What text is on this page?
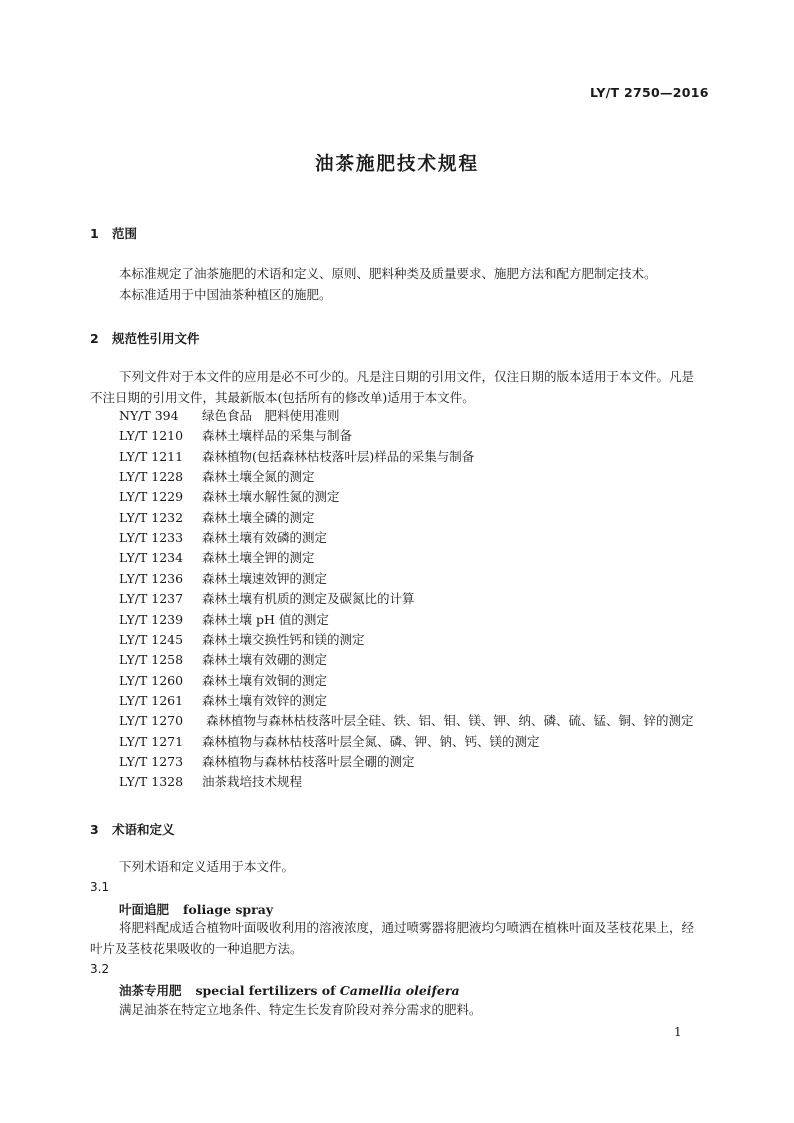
LY/T 2750—2016
油茶施肥技术规程
1 范围
本标准规定了油茶施肥的术语和定义、原则、肥料种类及质量要求、施肥方法和配方肥制定技术。
本标准适用于中国油茶种植区的施肥。
2 规范性引用文件
下列文件对于本文件的应用是必不可少的。凡是注日期的引用文件，仅注日期的版本适用于本文件。凡是不注日期的引用文件，其最新版本(包括所有的修改单)适用于本文件。
NY/T 394 绿色食品　肥料使用准则
LY/T 1210 森林土壤样品的采集与制备
LY/T 1211 森林植物(包括森林枯枝落叶层)样品的采集与制备
LY/T 1228 森林土壤全氮的测定
LY/T 1229 森林土壤水解性氮的测定
LY/T 1232 森林土壤全磷的测定
LY/T 1233 森林土壤有效磷的测定
LY/T 1234 森林土壤全钾的测定
LY/T 1236 森林土壤速效钾的测定
LY/T 1237 森林土壤有机质的测定及碳氮比的计算
LY/T 1239 森林土壤 pH 值的测定
LY/T 1245 森林土壤交换性钙和镁的测定
LY/T 1258 森林土壤有效硼的测定
LY/T 1260 森林土壤有效铜的测定
LY/T 1261 森林土壤有效锌的测定
LY/T 1270 森林植物与森林枯枝落叶层全硅、铁、铝、钼、镁、钾、纳、磷、硫、锰、铜、锌的测定
LY/T 1271 森林植物与森林枯枝落叶层全氮、磷、钾、钠、钙、镁的测定
LY/T 1273 森林植物与森林枯枝落叶层全硼的测定
LY/T 1328 油茶栽培技术规程
3 术语和定义
下列术语和定义适用于本文件。
3.1
叶面追肥 foliage spray
将肥料配成适合植物叶面吸收利用的溶液浓度，通过喷雾器将肥液均匀喷洒在植株叶面及茎枝花果上，经叶片及茎枝花果吸收的一种追肥方法。
3.2
油茶专用肥 special fertilizers of Camellia oleifera
满足油茶在特定立地条件、特定生长发育阶段对养分需求的肥料。
1
